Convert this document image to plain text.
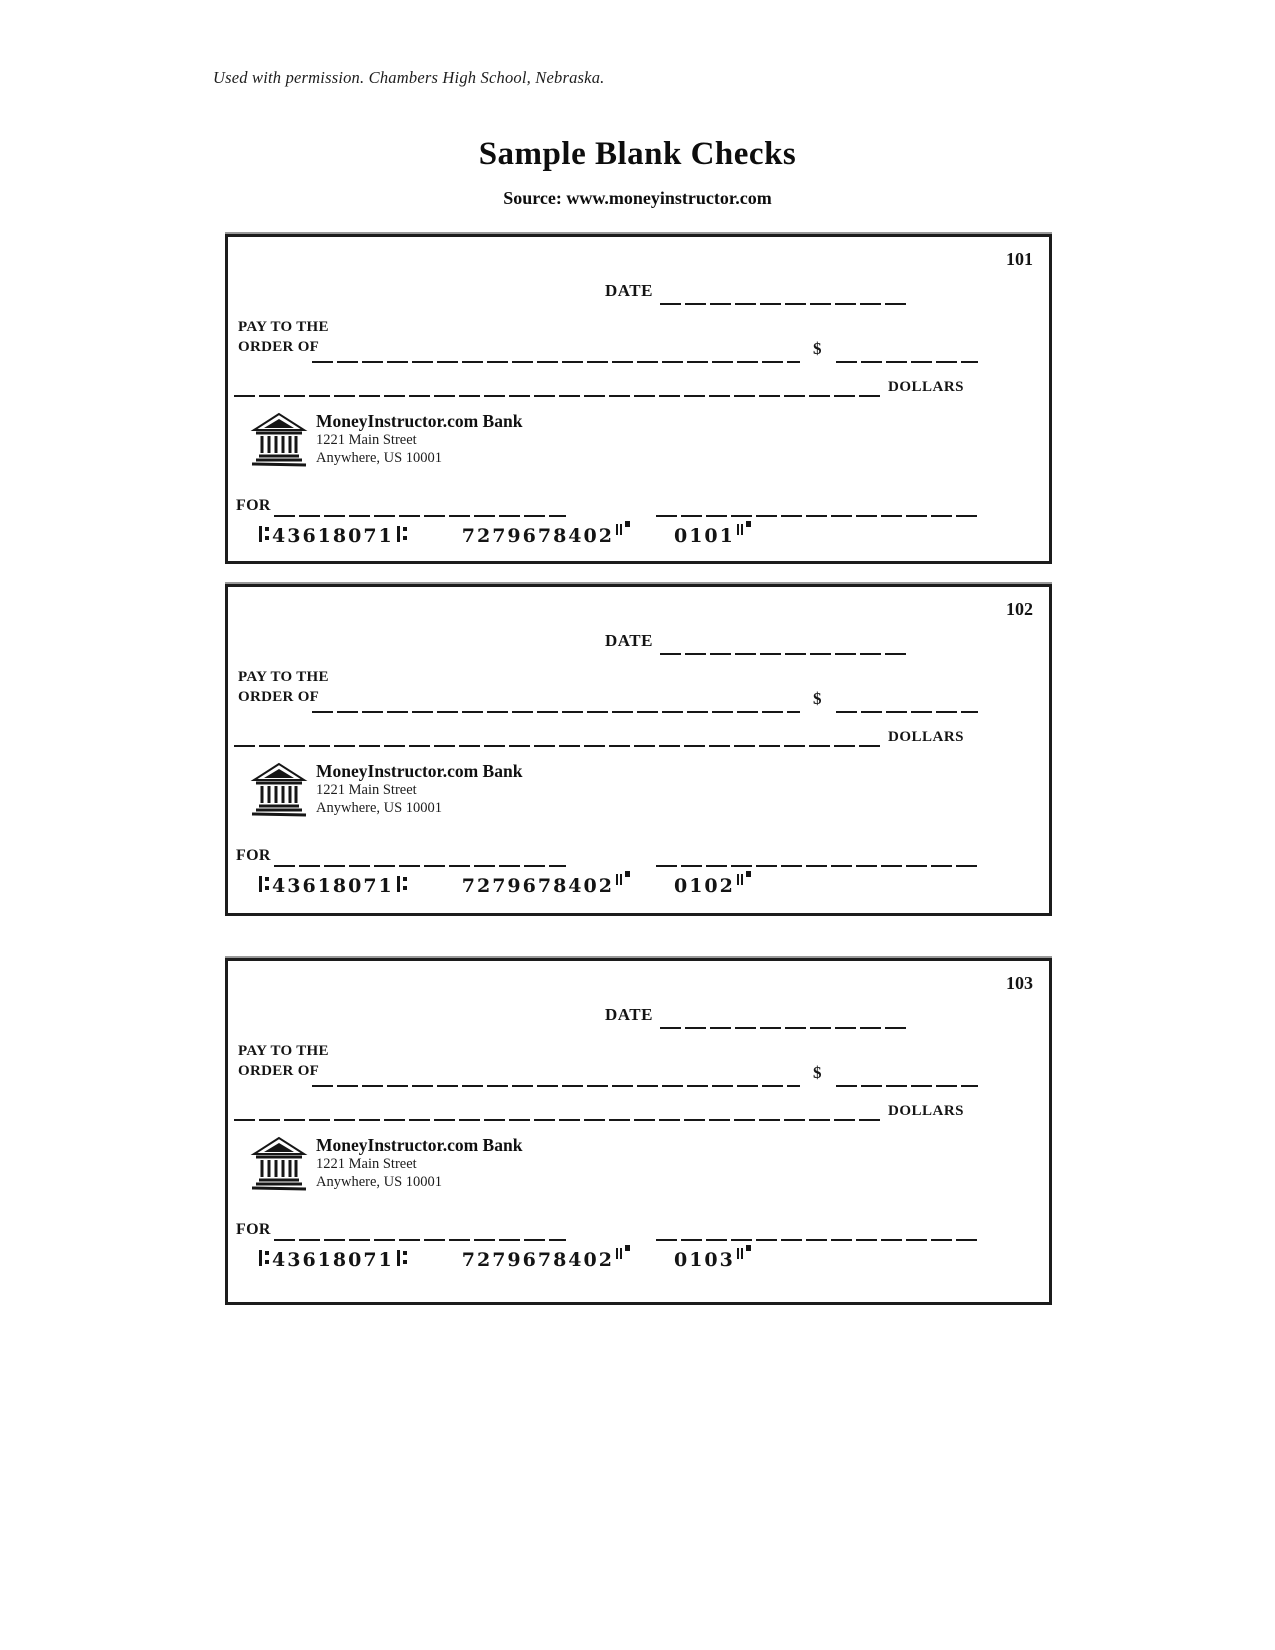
Used with permission. Chambers High School, Nebraska.
Sample Blank Checks
Source: www.moneyinstructor.com
101
DATE
PAY TO THE
ORDER OF	$
DOLLARS
MoneyInstructor.com Bank
1221 Main Street
Anywhere, US 10001
FOR
43618071	7279678402	0101
102
DATE
PAY TO THE
ORDER OF	$
DOLLARS
MoneyInstructor.com Bank
1221 Main Street
Anywhere, US 10001
FOR
43618071	7279678402	0102
103
DATE
PAY TO THE
ORDER OF	$
DOLLARS
MoneyInstructor.com Bank
1221 Main Street
Anywhere, US 10001
FOR
43618071	7279678402	0103
